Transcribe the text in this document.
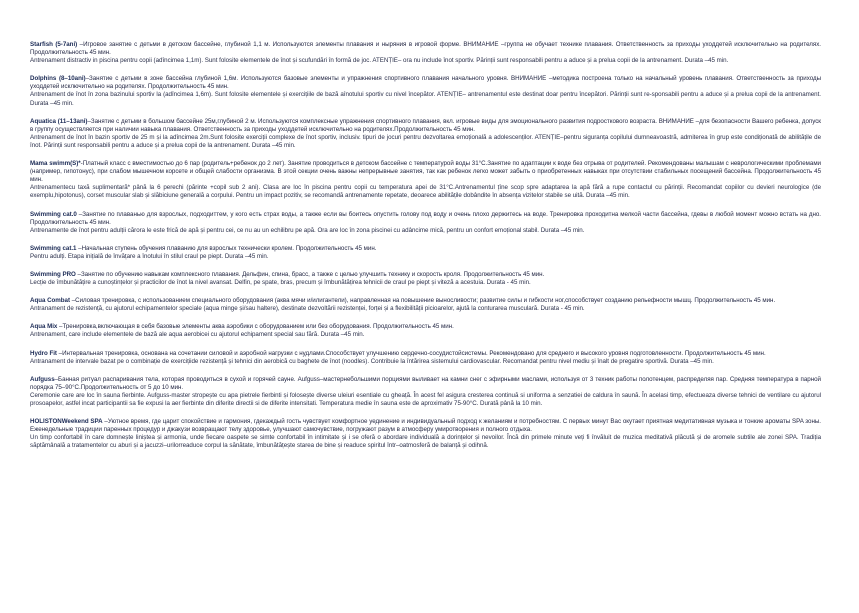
Starfish (5-7ani) –Игровое занятие с детьми в детском бассейне, глубиной 1,1 м. Используются элементы плавания и ныряния в игровой форме. ВНИМАНИЕ –группа не обучает технике плавания. Ответственность за приходы уходдетей исключительно на родителях. Продолжительность 45 мин.

Antrenament distractiv in piscina pentru copii (adîncimea 1,1m). Sunt folosite elementele de înot și scufundări în formă de joc. ATENȚIE– ora nu include înot sportiv. Părinții sunt responsabili pentru a aduce și a prelua copii de la antrenament. Durata –45 min.

Dolphins (8–10ani)–Занятие с детьми в зоне бассейна глубиной 1,6м. Используются базовые элементы и упражнения спортивного плавания начального уровня. ВНИМАНИЕ –методика построена только на начальный уровень плавания. Ответственность за приходы уходдетей исключительно на родителях. Продолжительность 45 мин.

Antrenament de înot în zona bazinului sportiv la (adîncimea 1,6m). Sunt folosite elementele și exercițiile de bază aînotului sportiv cu nivel începător. ATENȚIE– antrenamentul este destinat doar pentru începători. Părinții sunt re-sponsabili pentru a aduce și a prelua copii de la antrenament. Durata –45 min.

Aquatica (11–13ani)–Занятие с детьми в большом бассейне 25м,глубиной 2 м. Используются комплексные упражнения спортивного плавания, вкл. игровые виды для эмоционального развития подросткового возраста. ВНИМАНИЕ –для безопасности Вашего ребенка, допуск в группу осуществляется при наличии навыка плавания. Ответственность за приходы уходдетей исключительно на родителях.Продолжительность 45 мин.

Antrenament de înot în bazin sportiv de 25 m și la adîncimea 2m.Sunt folosite exerciții complexe de înot sportiv, inclusiv. tipuri de jocuri pentru dezvoltarea emoțională a adolescenților. ATENȚIE–pentru siguranța copilului dumneavoastră, admiterea în grup este condiționată de abilitățile de înot. Părinții sunt responsabili pentru a aduce și a prelua copii de la antrenament. Durata –45 min.

Mama swimm(S)*-Платный класс с вместимостью до 6 пар (родитель+ребенок до 2 лет). Занятие проводиться в детском бассейне с температурой воды 31°С.Занятие по адаптации к воде без отрыва от родителей. Рекомендованы малышам с неврологическими проблемами (например, гипотонус), при слабом мышечном корсете и общей слабости организма. В этой секции очень важны непрерывные занятия, так как ребенок легко может забыть о приобретенных навыках при отсутствии стабильных посещений бассейна. Продолжительность 45 мин.

Antrenamentecu taxă suplimentară* până la 6 perechi (părinte +copil sub 2 ani). Clasa are loc în piscina pentru copii cu temperatura apei de 31°C.Antrenamentul țîne scop spre adaptarea la apă fără a rupe contactul cu părinții. Recomandat copiilor cu devieri neurologice (de exemplu,hipotonus), corset muscular slab și slăbiciune generală a corpului. Pentru un impact pozitiv, se recomandă antrenamente repetate, deoarece abilitățile dobândite în absența vizitelor stabile se uită. Durata –45 min.

Swimming cat.0 –Занятие по плаванью для взрослых, подходиттем, у кого есть страх воды, а также если вы боитесь опустить голову под воду и очень плохо держитесь на воде. Тренировка проходитна мелкой части бассейна, гдевы в любой момент можно встать на дно. Продолжительность 45 мин.

Antrenamente de înot pentru adulții cărora le este frică de apă și pentru cei, ce nu au un echilibru pe apă. Ora are loc în zona piscinei cu adâncime mică, pentru un confort emoțional stabil. Durata –45 min.

Swimming cat.1 –Начальная ступень обучения плаванию для взрослых технически кролем. Продолжительность 45 мин.

Pentru adulți. Etapa inițială de învățare a înotului în stilul craul pe piept. Durata –45 min.

Swimming PRO –Занятие по обучению навыкам комплексного плавания. Дельфин, спина, брасс, а также с целью улучшить технику и скорость кроля. Продолжительность 45 мин.

Lecție de îmbunătățire a cunoștințelor și practicilor de înot la nivel avansat. Delfin, pe spate, bras, precum și îmbunătățirea tehnicii de craul pe piept și viteză a acestuia. Durata - 45 min.

Aqua Combat –Силовая тренировка, с использованием специального оборудования (аква мячи и/илигантели), направленная на повышение выносливости; развитие силы и гибкости ног,способствует созданию рельефности мышц. Продолжительность 45 мин.

Antranament de rezistență, cu ajutorul echipamentelor speciale (aqua minge și/sau haltere), destinate dezvoltării rezistenței, forței și a flexibilității picioarelor, ajută la conturarea musculară. Durata - 45 min.

Aqua Mix –Тренировка,включающая в себя базовые элементы аква аэробики с оборудованием или без оборудования. Продолжительность 45 мин.

Antrenament, care include elementele de bază ale aqua aerobicei cu ajutorul echipament special sau fără. Durata –45 min.

Hydro Fit –Интервальная тренировка, основана на сочетании силовой и аэробной нагрузки с нудлами.Способствует улучшению сердечно-сосудистойсистемы. Рекомендовано для среднего и высокого уровня подготовленности. Продолжительность 45 мин.

Antranament de intervale bazat pe o combinație de exercițiide rezistență și tehnici din aerobică cu baghete de înot (noodles). Contribuie la întărirea sistemului cardiovascular. Recomandat pentru nivel mediu și înalt de pregatire sportivă. Durata –45 min.

Aufguss–Банная ритуал распаривания тела, которая проводиться в сухой и горячей сауне. Aufguss–мастернебольшими порциями выливает на камни снег с эфирными маслами, используя от 3 техник работы полотенцем, распределяя пар. Средняя температура в парной порядка 75–90°C.Продолжительность от 5 до 10 мин.

Ceremonie care are loc în sauna fierbinte. Aufguss-master stropește cu apa pietrele fierbinti și folosește diverse uleiuri esentiale cu gheață. În acest fel asigura cresterea continuă si uniforma a senzatiei de caldura în saună. În acelasi timp, efectueaza diverse tehnici de ventilare cu ajutorul prosoapelor, astfel incat participantii sa fie expusi la aer fierbinte din diferite directii si de diferite intensitati. Temperatura medie în sauna este de aproximativ 75-90°C. Durată până la 10 min.

HOLISTONWeekend SPA –Уютное время, где царит спокойствие и гармония, гдекаждый гость чувствует комфортное уединение и индивидуальный подход к желаниям и потребностям. С первых минут Вас окутает приятная медитативная музыка и тонкие ароматы SPA зоны. Еженедельные традиции паренных процедур и джакузи возвращают телу здоровье, улучшают самочувствие, погружают разум в атмосферу умиротворения и полного отдыха.

Un timp confortabil în care domnește liniștea și armonia, unde fiecare oaspete se simte confortabil în intimitate și i se oferă o abordare individuală a dorințelor și nevoilor. Încă din primele minute veți fi învăluit de muzica meditativă plăcută și de aromele subtile ale zonei SPA. Tradiția săptămânală a tratamentelor cu aburi și a jacuzzi–urilorreaduce corpul la sănătate, îmbunătățește starea de bine și readuce spiritul într–oatmosferă de balanță și odihnă.
